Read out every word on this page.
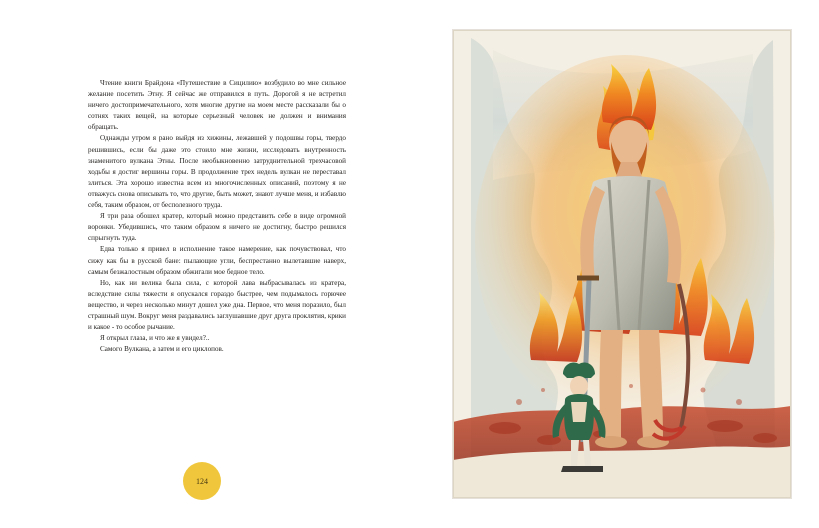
Чтение книги Брайдона «Путешествие в Сицилию» возбудило во мне сильное желание посетить Этну. Я сейчас же отправился в путь. Дорогой я не встретил ничего достопримечательного, хотя многие другие на моем месте рассказали бы о сотнях таких вещей, на которые серьезный человек не должен и внимания обращать.

Однажды утром я рано выйдя из хижины, лежавшей у подошвы горы, твердо решившись, если бы даже это стоило мне жизни, исследовать внутренность знаменитого вулкана Этны. После необыкновенно затруднительной трехчасовой ходьбы я достиг вершины горы. В продолжение трех недель вулкан не переставал злиться. Эта хорошо известна всем из многочисленных описаний, поэтому я не отважусь снова описывать то, что другие, быть может, знают лучше меня, и избавлю себя, таким образом, от бесполезного труда.

Я три раза обошел кратер, который можно представить себе в виде огромной воронки. Убедившись, что таким образом я ничего не достигну, быстро решился спрыгнуть туда.

Едва только я привел в исполнение такое намерение, как почувствовал, что сижу как бы в русской бане: пылающие угли, беспрестанно вылетавшие наверх, самым безжалостным образом обжигали мое бедное тело.

Но, как ни велика была сила, с которой лава выбрасывалась из кратера, вследствие силы тяжести я опускался гораздо быстрее, чем подымалось горючее вещество, и через несколько минут дошел уже дна. Первое, что меня поразило, был страшный шум. Вокруг меня раздавались заглушавшие друг друга проклятия, крики и какое - то особое рычание.

Я открыл глаза, и что же я увидел?..

Самого Вулкана, а затем и его циклопов.

124
